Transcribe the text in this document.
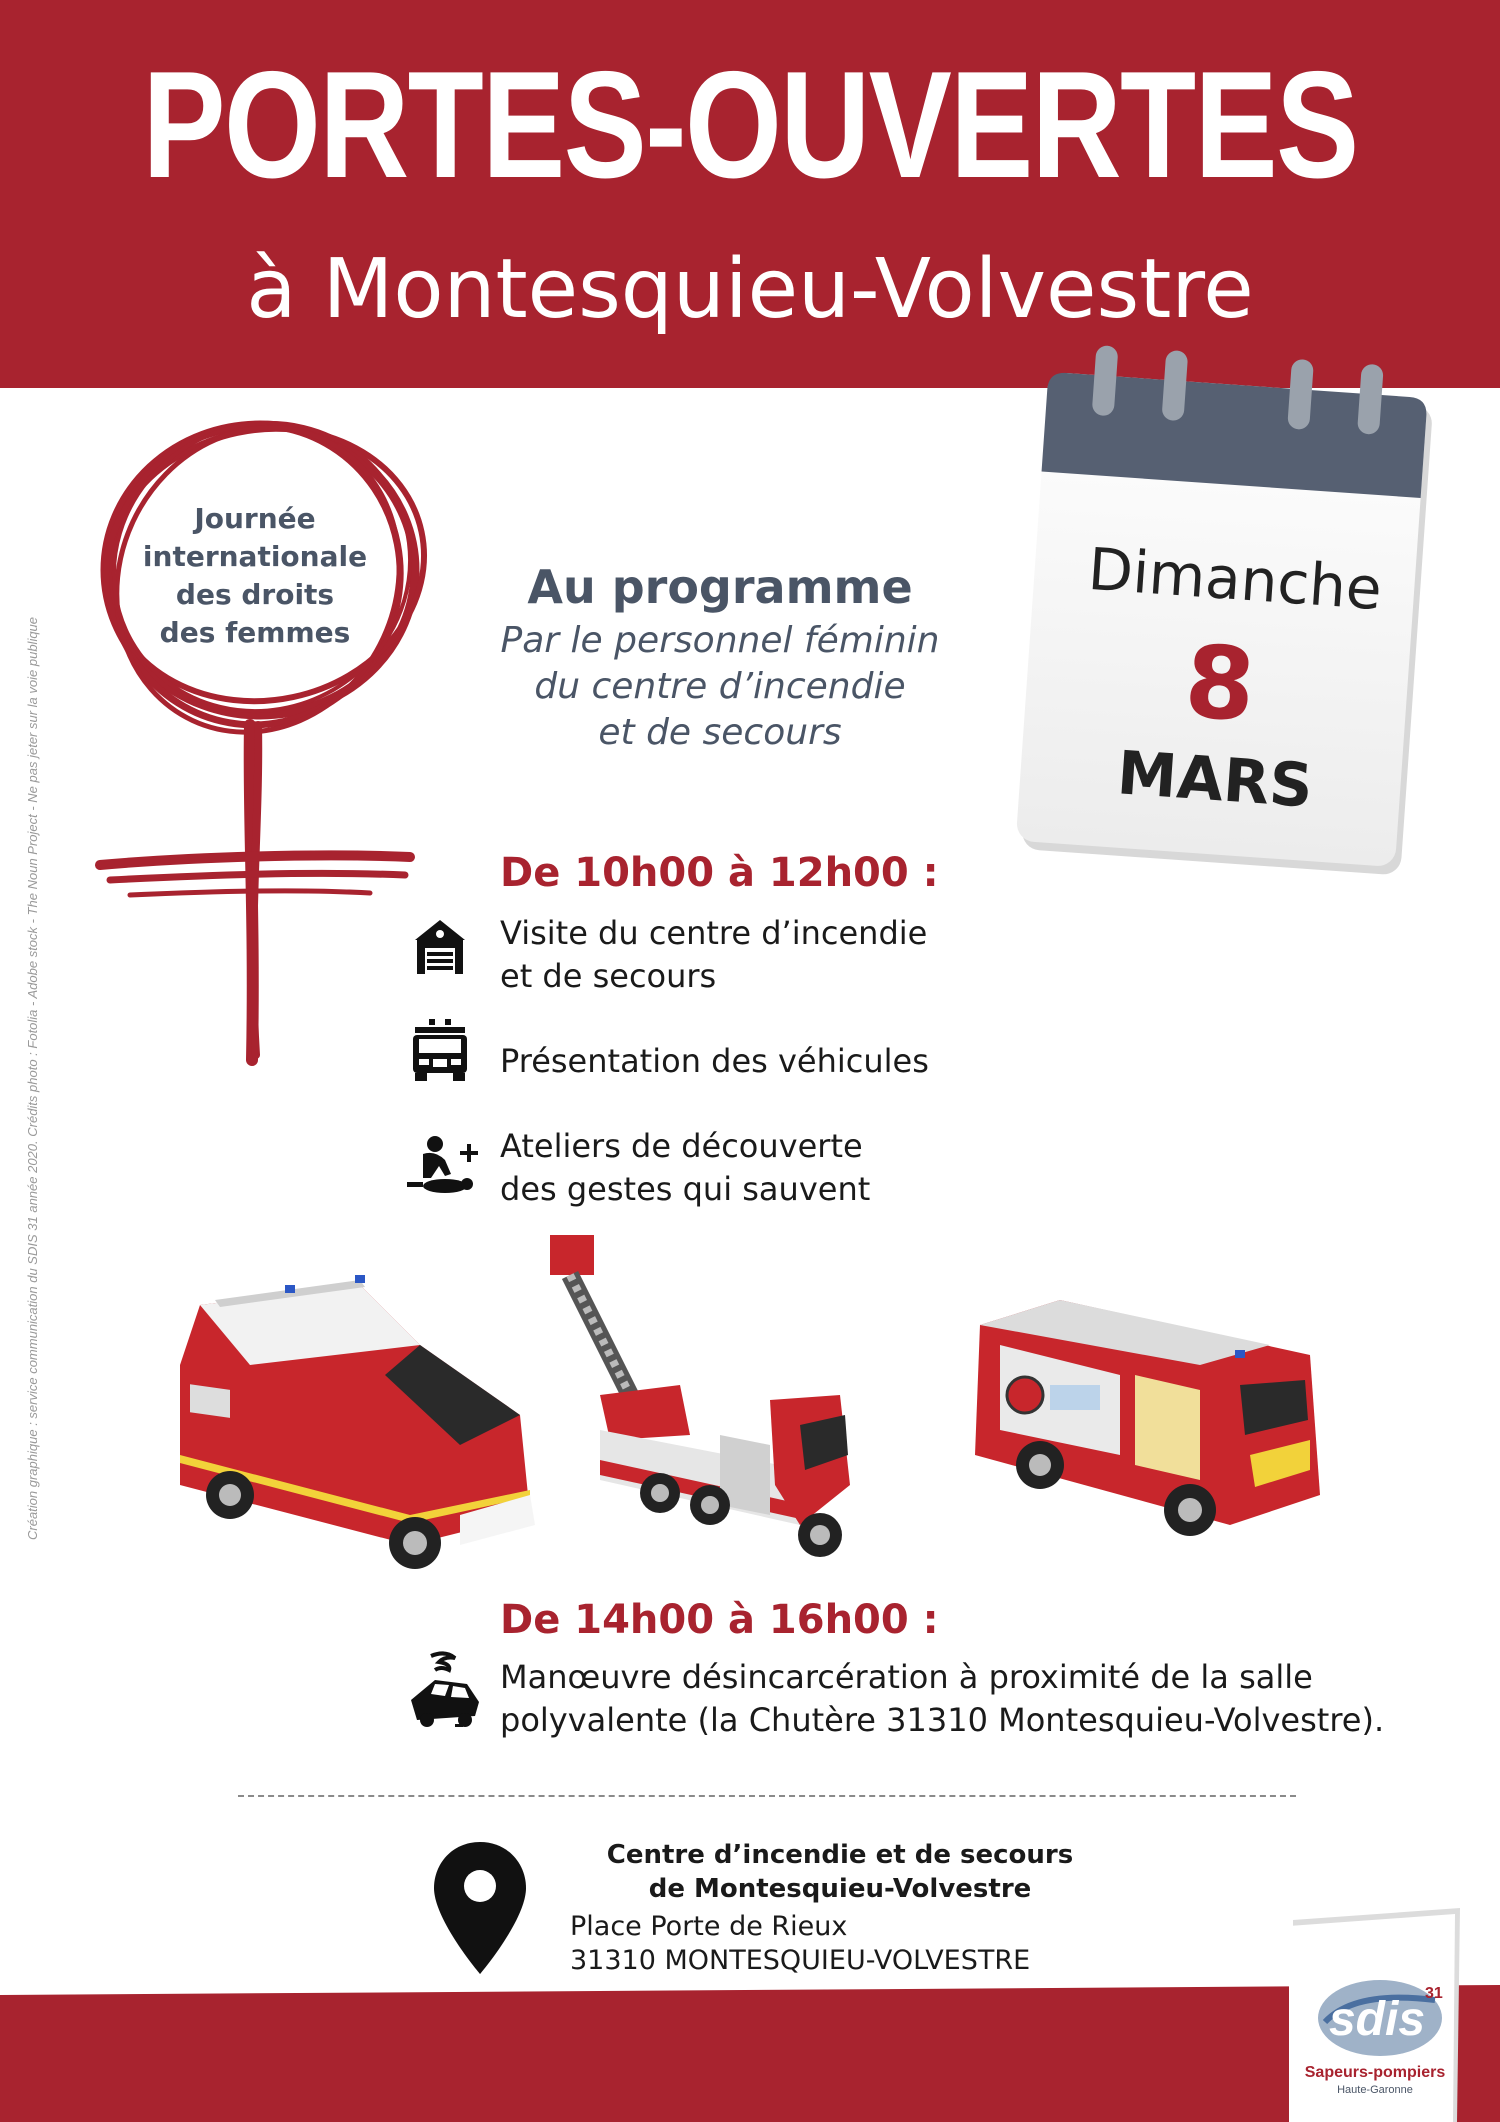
PORTES-OUVERTES
à Montesquieu-Volvestre
Création graphique : service communication du SDIS 31 année 2020. Crédits photo : Fotolia - Adobe stock - The Noun Project - Ne pas jeter sur la voie publique
Journée
internationale
des droits
des femmes
Dimanche
8
MARS
Au programme
Par le personnel féminin
du centre d’incendie
et de secours
De 10h00 à 12h00 :
Visite du centre d’incendie
et de secours
Présentation des véhicules
Ateliers de découverte
des gestes qui sauvent
De 14h00 à 16h00 :
Manœuvre désincarcération à proximité de la salle
polyvalente (la Chutère 31310 Montesquieu-Volvestre).
Centre d’incendie et de secours
de Montesquieu-Volvestre
Place Porte de Rieux
31310 MONTESQUIEU-VOLVESTRE
sdis 31
Sapeurs-pompiers
Haute-Garonne
